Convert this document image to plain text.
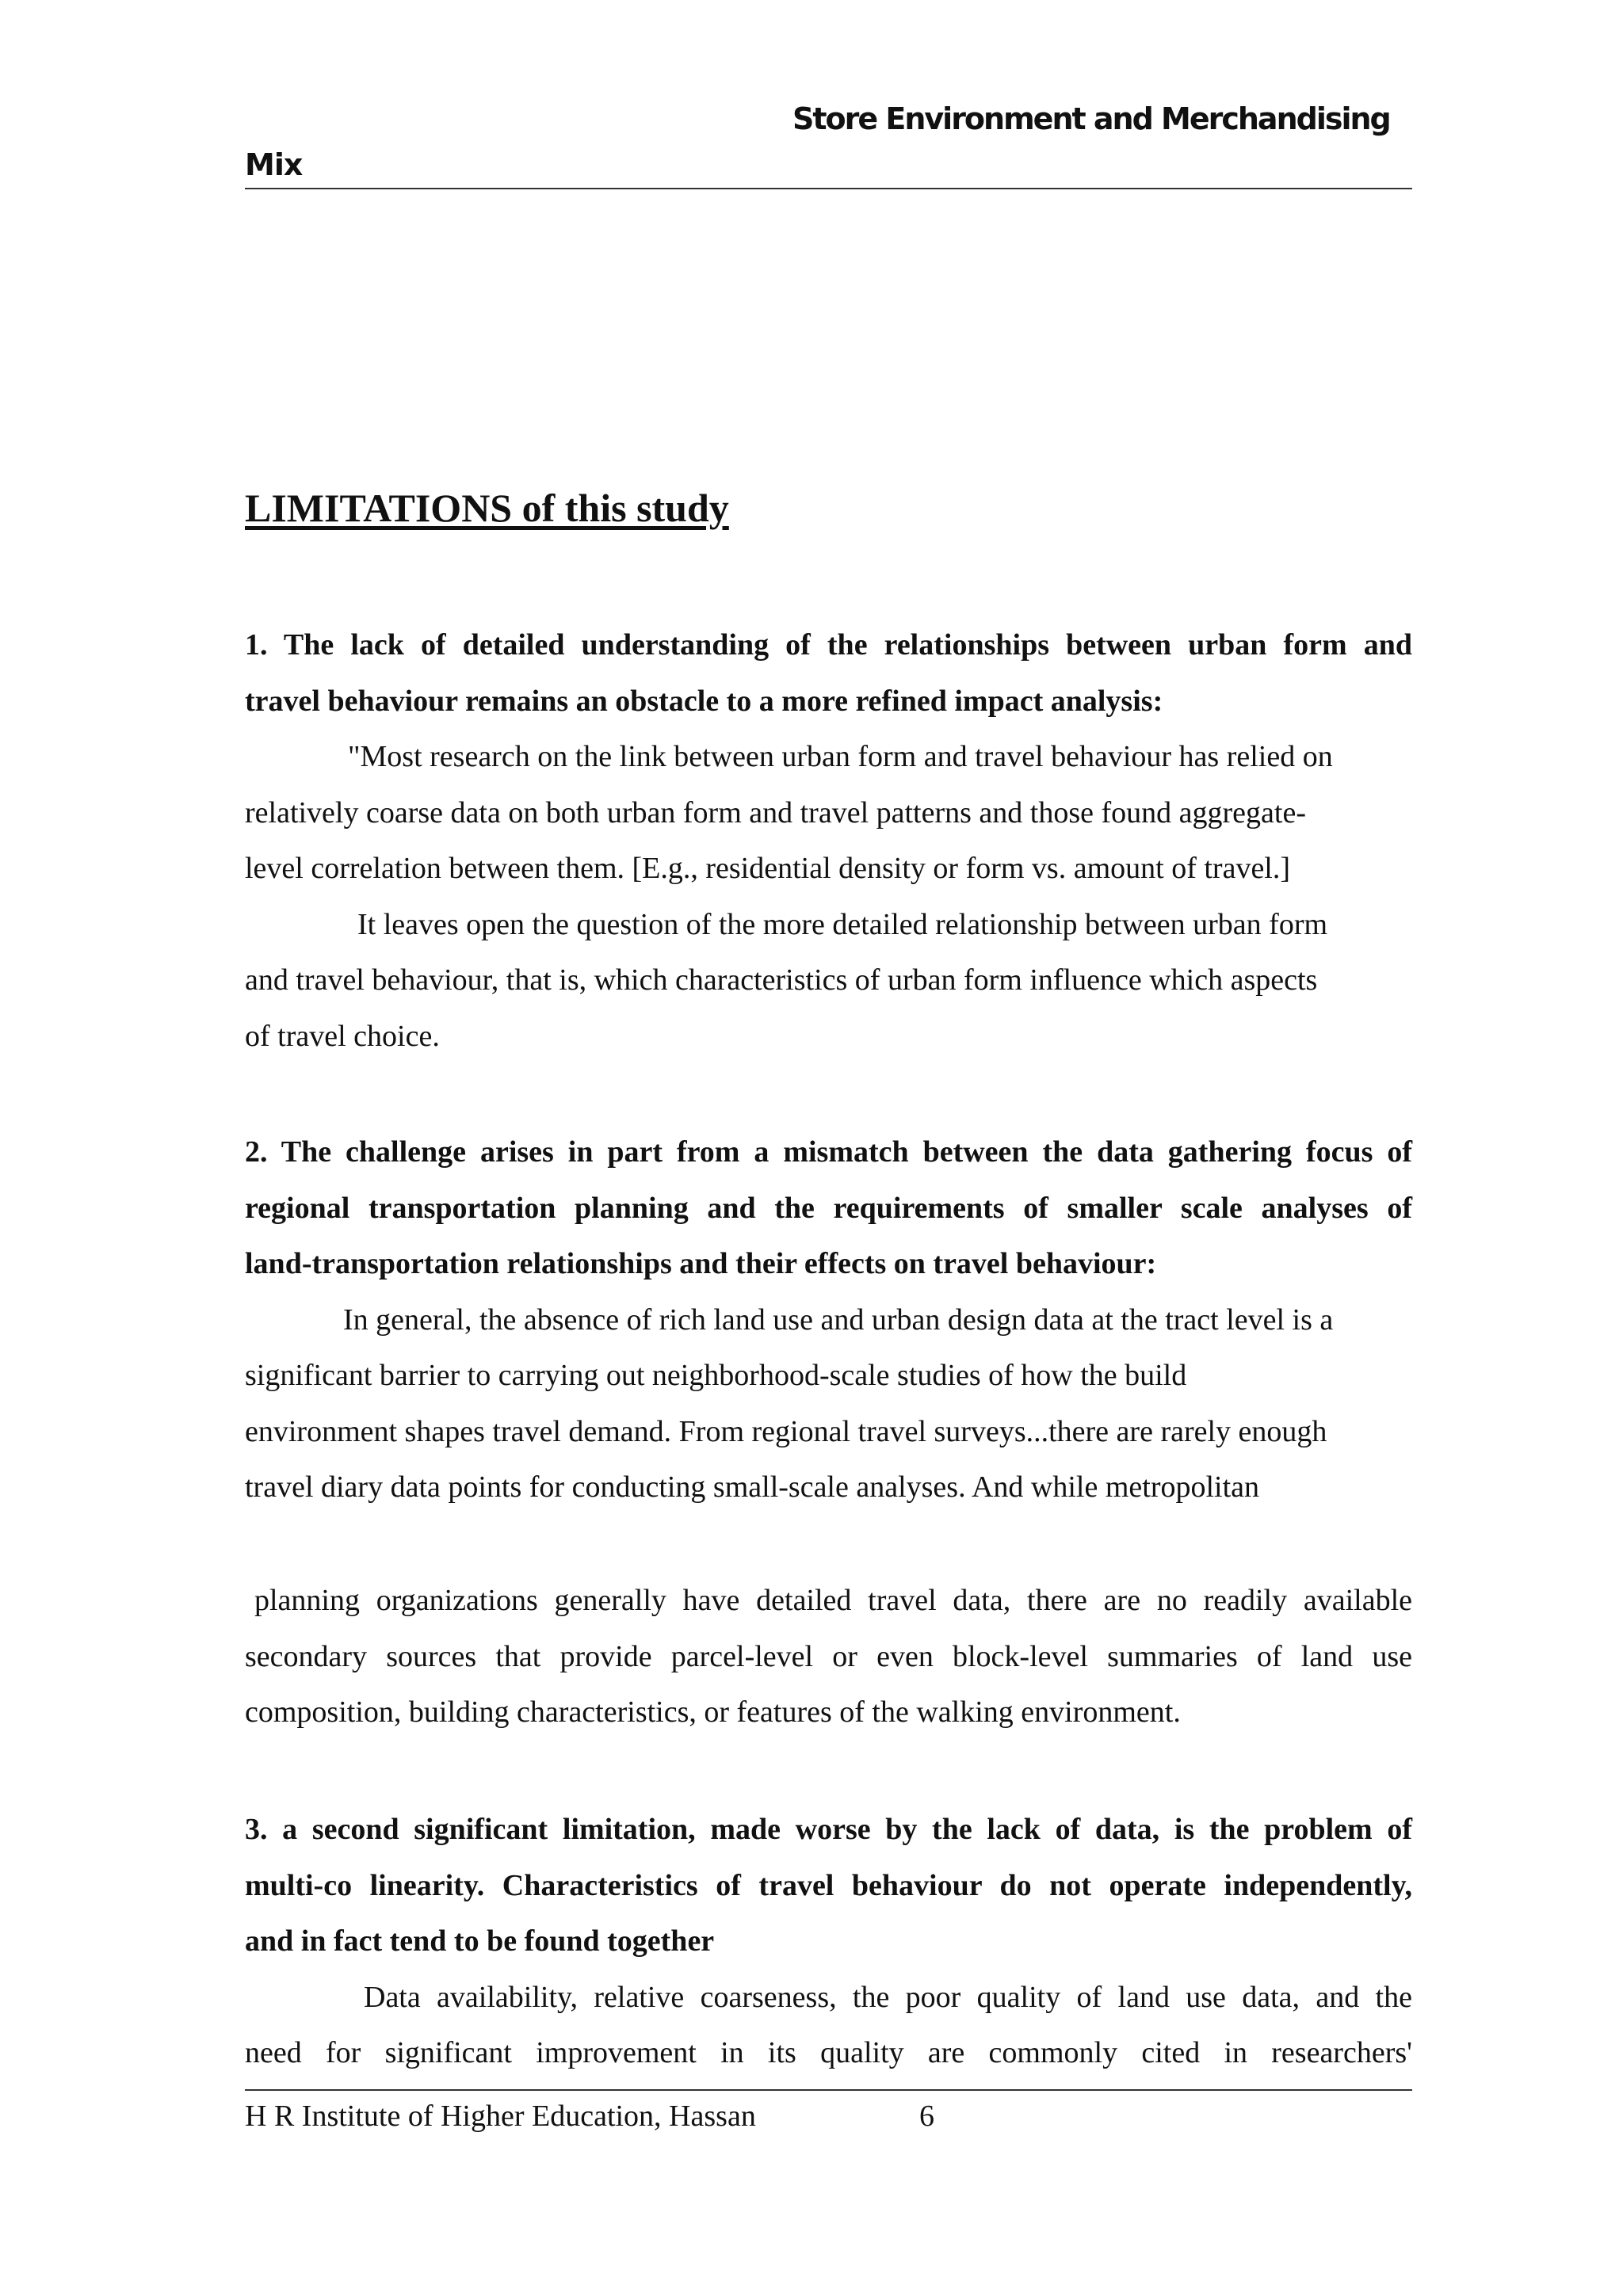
Store Environment and Merchandising
Mix
LIMITATIONS of this study
1. The lack of detailed understanding of the relationships between urban form and
travel behaviour remains an obstacle to a more refined impact analysis:
"Most research on the link between urban form and travel behaviour has relied on
relatively coarse data on both urban form and travel patterns and those found aggregate-
level correlation between them. [E.g., residential density or form vs. amount of travel.]
It leaves open the question of the more detailed relationship between urban form
and travel behaviour, that is, which characteristics of urban form influence which aspects
of travel choice.
2. The challenge arises in part from a mismatch between the data gathering focus of
regional transportation planning and the requirements of smaller scale analyses of
land-transportation relationships and their effects on travel behaviour:
In general, the absence of rich land use and urban design data at the tract level is a
significant barrier to carrying out neighborhood-scale studies of how the build
environment shapes travel demand. From regional travel surveys...there are rarely enough
travel diary data points for conducting small-scale analyses. And while metropolitan
planning organizations generally have detailed travel data, there are no readily available
secondary sources that provide parcel-level or even block-level summaries of land use
composition, building characteristics, or features of the walking environment.
3. a second significant limitation, made worse by the lack of data, is the problem of
multi-co linearity. Characteristics of travel behaviour do not operate independently,
and in fact tend to be found together
Data availability, relative coarseness, the poor quality of land use data, and the
need for significant improvement in its quality are commonly cited in researchers'
H R Institute of Higher Education, Hassan	6
